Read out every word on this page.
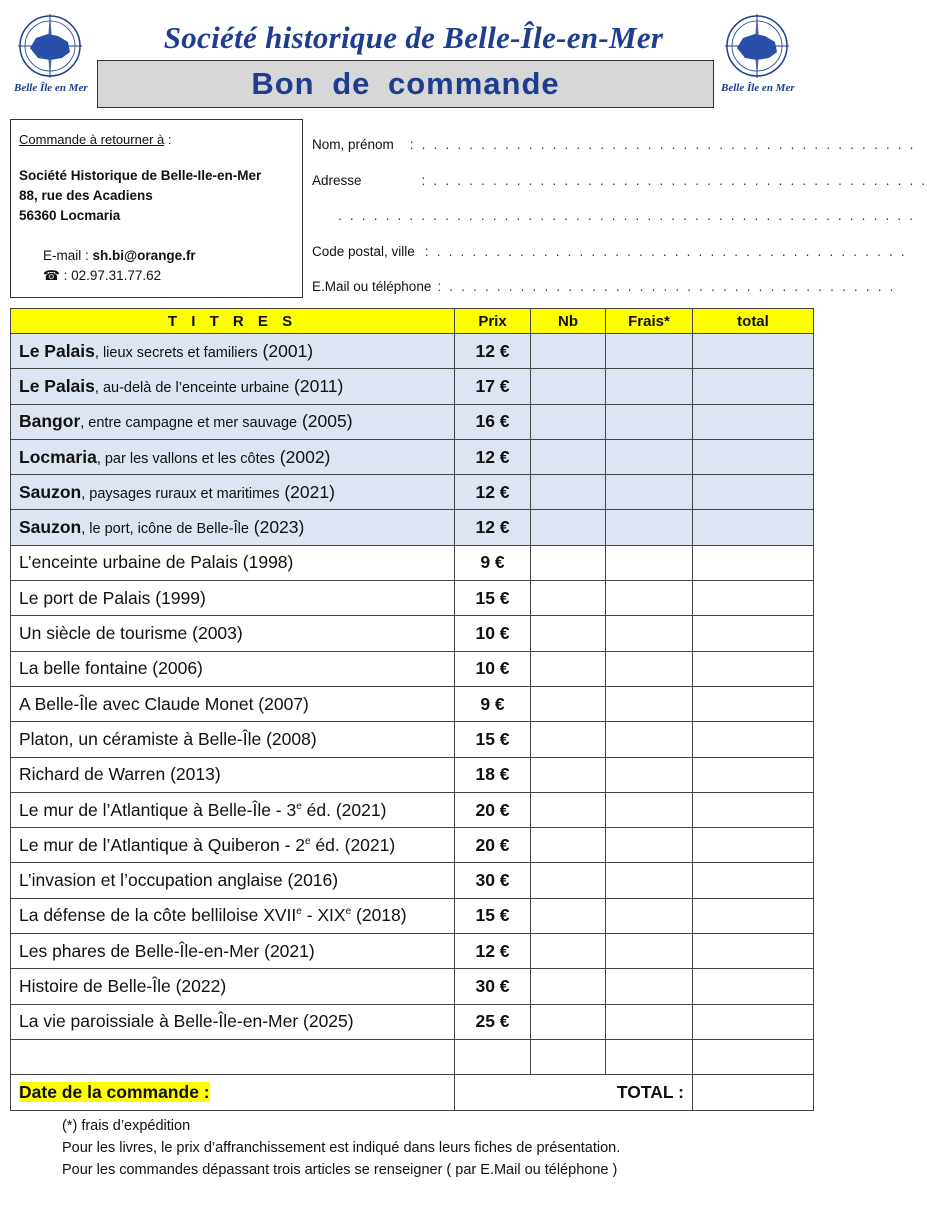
Belle Île en Mer	Belle Île en Mer
Société historique de Belle-Île-en-Mer
Bon de commande
Commande à retourner à :
Société Historique de Belle-Ile-en-Mer
88, rue des Acadiens
56360 Locmaria
E-mail : sh.bi@orange.fr
☎ : 02.97.31.77.62
Nom, prénom : . . . . . . . . . . . . . . . . . . . . . . . . . . . . . . . . . . . . . . . . . .
Adresse	: . . . . . . . . . . . . . . . . . . . . . . . . . . . . . . . . . . . . . . . . . .
. . . . . . . . . . . . . . . . . . . . . . . . . . . . . . . . . . . . . . . . . . . . . . . . .
Code postal, ville : . . . . . . . . . . . . . . . . . . . . . . . . . . . . . . . . . . . . . . . .
E.Mail ou téléphone : . . . . . . . . . . . . . . . . . . . . . . . . . . . . . . . . . . . . . .
T I T R E S	Prix	Nb	Frais*	total
Le Palais, lieux secrets et familiers (2001)	12 €			
Le Palais, au-delà de l’enceinte urbaine (2011)	17 €			
Bangor, entre campagne et mer sauvage (2005)	16 €			
Locmaria, par les vallons et les côtes (2002)	12 €			
Sauzon, paysages ruraux et maritimes (2021)	12 €			
Sauzon, le port, icône de Belle-Île (2023)	12 €			
L’enceinte urbaine de Palais (1998)	9 €			
Le port de Palais (1999)	15 €			
Un siècle de tourisme (2003)	10 €			
La belle fontaine (2006)	10 €			
A Belle-Île avec Claude Monet (2007)	9 €			
Platon, un céramiste à Belle-Île (2008)	15 €			
Richard de Warren (2013)	18 €			
Le mur de l’Atlantique à Belle-Île - 3e éd. (2021)	20 €			
Le mur de l’Atlantique à Quiberon - 2e éd. (2021)	20 €			
L’invasion et l’occupation anglaise (2016)	30 €			
La défense de la côte belliloise XVIIe - XIXe (2018)	15 €			
Les phares de Belle-Île-en-Mer (2021)	12 €			
Histoire de Belle-Île (2022)	30 €			
La vie paroissiale à Belle-Île-en-Mer (2025)	25 €			

Date de la commande :	TOTAL :			
(*) frais d’expédition
Pour les livres, le prix d’affranchissement est indiqué dans leurs fiches de présentation.
Pour les commandes dépassant trois articles se renseigner ( par E.Mail ou téléphone )
